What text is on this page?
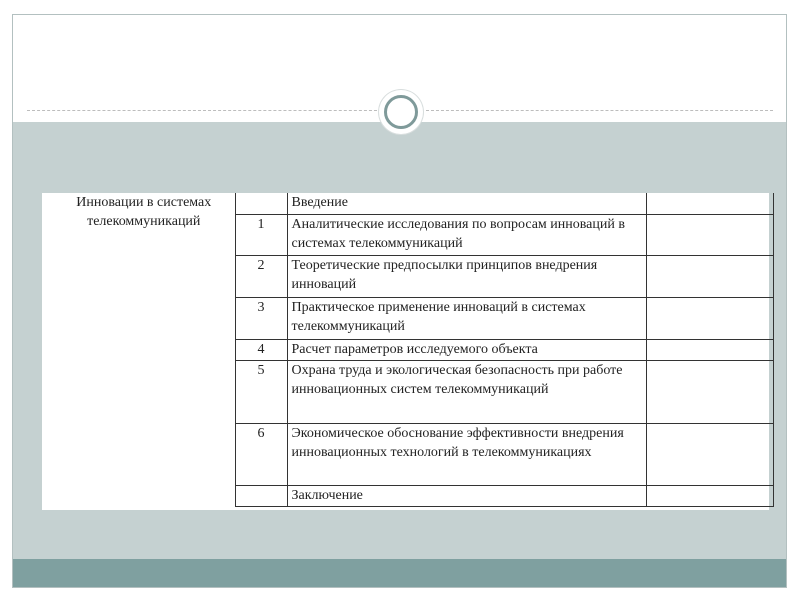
Инновации в системах телекоммуникаций		Введение	
	1	Аналитические исследования по вопросам инноваций в системах телекоммуникаций	
	2	Теоретические предпосылки принципов внедрения инноваций	
	3	Практическое применение инноваций в системах телекоммуникаций	
	4	Расчет параметров исследуемого объекта	
	5	Охрана труда и экологическая безопасность при работе инновационных систем телекоммуникаций	
	6	Экономическое обоснование эффективности внедрения инновационных технологий в телекоммуникациях	
		Заключение	
